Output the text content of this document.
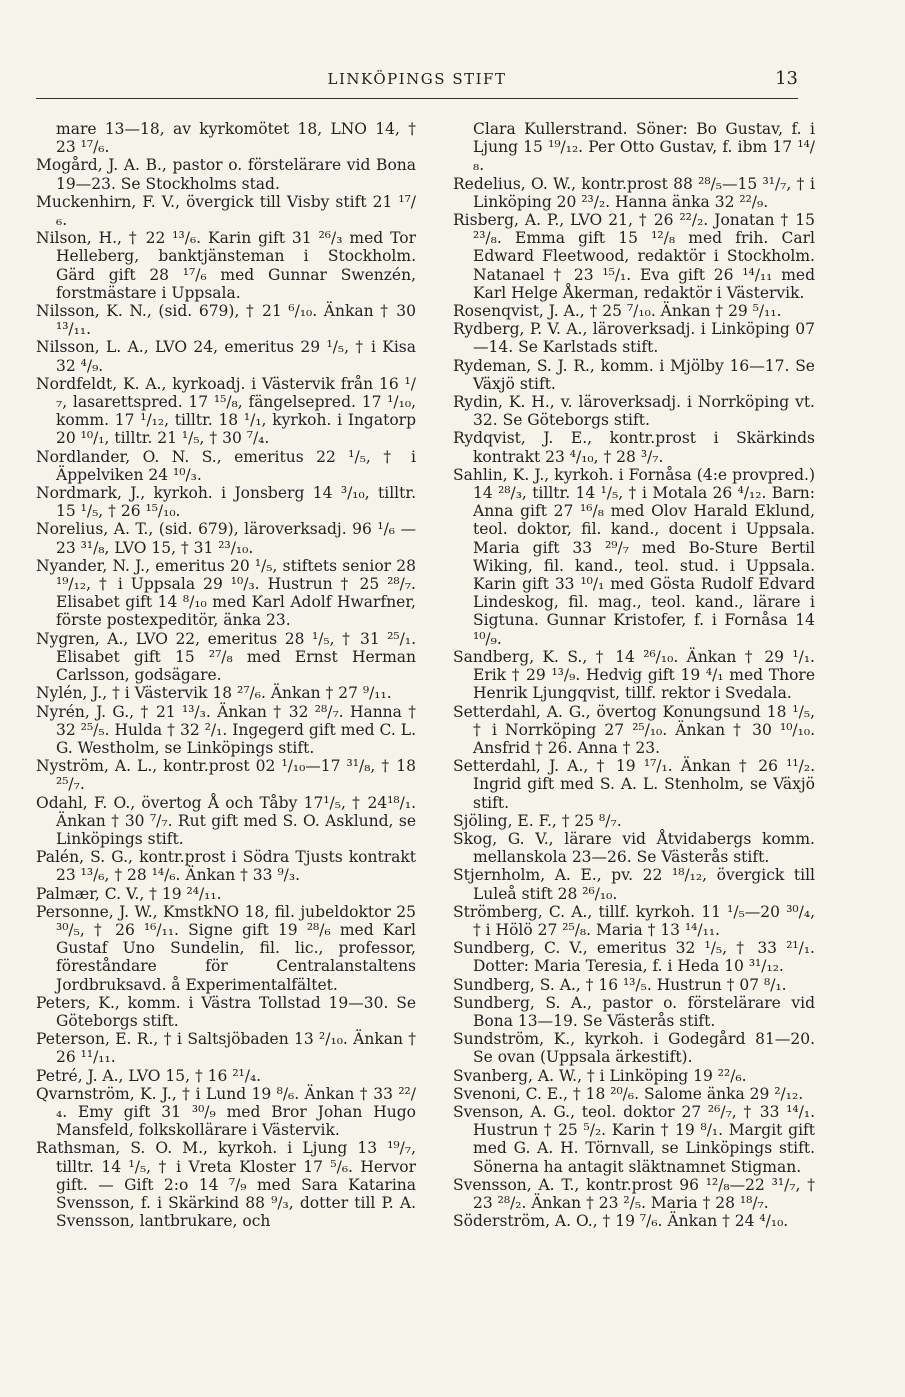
LINKÖPINGS STIFT	13

mare 13—18, av kyrkomötet 18, LNO 14, † 23 ¹⁷/₆.

Mogård, J. A. B., pastor o. förstelärare vid Bona 19—23. Se Stockholms stad.

Muckenhirn, F. V., övergick till Visby stift 21 ¹⁷/₆.

Nilson, H., † 22 ¹³/₆. Karin gift 31 ²⁶/₃ med Tor Helleberg, banktjänsteman i Stockholm. Gärd gift 28 ¹⁷/₆ med Gunnar Swenzén, forstmästare i Uppsala.

Nilsson, K. N., (sid. 679), † 21 ⁶/₁₀. Änkan † 30 ¹³/₁₁.

Nilsson, L. A., LVO 24, emeritus 29 ¹/₅, † i Kisa 32 ⁴/₉.

Nordfeldt, K. A., kyrkoadj. i Västervik från 16 ¹/₇, lasarettspred. 17 ¹⁵/₈, fängelsepred. 17 ¹/₁₀, komm. 17 ¹/₁₂, tilltr. 18 ¹/₁, kyrkoh. i Ingatorp 20 ¹⁰/₁, tilltr. 21 ¹/₅, † 30 ⁷/₄.

Nordlander, O. N. S., emeritus 22 ¹/₅, † i Äppelviken 24 ¹⁰/₃.

Nordmark, J., kyrkoh. i Jonsberg 14 ³/₁₀, tilltr. 15 ¹/₅, † 26 ¹⁵/₁₀.

Norelius, A. T., (sid. 679), läroverksadj. 96 ¹/₆ —23 ³¹/₈, LVO 15, † 31 ²³/₁₀.

Nyander, N. J., emeritus 20 ¹/₅, stiftets senior 28 ¹⁹/₁₂, † i Uppsala 29 ¹⁰/₃. Hustrun † 25 ²⁸/₇. Elisabet gift 14 ⁸/₁₀ med Karl Adolf Hwarfner, förste postexpeditör, änka 23.

Nygren, A., LVO 22, emeritus 28 ¹/₅, † 31 ²⁵/₁. Elisabet gift 15 ²⁷/₈ med Ernst Herman Carlsson, godsägare.

Nylén, J., † i Västervik 18 ²⁷/₆. Änkan † 27 ⁹/₁₁.

Nyrén, J. G., † 21 ¹³/₃. Änkan † 32 ²⁸/₇. Hanna † 32 ²⁵/₅. Hulda † 32 ²/₁. Ingegerd gift med C. L. G. Westholm, se Linköpings stift.

Nyström, A. L., kontr.prost 02 ¹/₁₀—17 ³¹/₈, † 18 ²⁵/₇.

Odahl, F. O., övertog Å och Tåby 17¹/₅, † 24¹⁸/₁. Änkan † 30 ⁷/₇. Rut gift med S. O. Asklund, se Linköpings stift.

Palén, S. G., kontr.prost i Södra Tjusts kontrakt 23 ¹³/₆, † 28 ¹⁴/₆. Änkan † 33 ⁹/₃.

Palmær, C. V., † 19 ²⁴/₁₁.

Personne, J. W., KmstkNO 18, fil. jubeldoktor 25 ³⁰/₅, † 26 ¹⁶/₁₁. Signe gift 19 ²⁸/₆ med Karl Gustaf Uno Sundelin, fil. lic., professor, föreståndare för Centralanstaltens Jordbruksavd. å Experimentalfältet.

Peters, K., komm. i Västra Tollstad 19—30. Se Göteborgs stift.

Peterson, E. R., † i Saltsjöbaden 13 ²/₁₀. Änkan † 26 ¹¹/₁₁.

Petré, J. A., LVO 15, † 16 ²¹/₄.

Qvarnström, K. J., † i Lund 19 ⁸/₆. Änkan † 33 ²²/₄. Emy gift 31 ³⁰/₉ med Bror Johan Hugo Mansfeld, folkskollärare i Västervik.

Rathsman, S. O. M., kyrkoh. i Ljung 13 ¹⁹/₇, tilltr. 14 ¹/₅, † i Vreta Kloster 17 ⁵/₆. Hervor gift. — Gift 2:o 14 ⁷/₉ med Sara Katarina Svensson, f. i Skärkind 88 ⁹/₃, dotter till P. A. Svensson, lantbrukare, och

Clara Kullerstrand. Söner: Bo Gustav, f. i Ljung 15 ¹⁹/₁₂. Per Otto Gustav, f. ibm 17 ¹⁴/₈.

Redelius, O. W., kontr.prost 88 ²⁸/₅—15 ³¹/₇, † i Linköping 20 ²³/₂. Hanna änka 32 ²²/₉.

Risberg, A. P., LVO 21, † 26 ²²/₂. Jonatan † 15 ²³/₈. Emma gift 15 ¹²/₈ med frih. Carl Edward Fleetwood, redaktör i Stockholm. Natanael † 23 ¹⁵/₁. Eva gift 26 ¹⁴/₁₁ med Karl Helge Åkerman, redaktör i Västervik.

Rosenqvist, J. A., † 25 ⁷/₁₀. Änkan † 29 ⁵/₁₁.

Rydberg, P. V. A., läroverksadj. i Linköping 07—14. Se Karlstads stift.

Rydeman, S. J. R., komm. i Mjölby 16—17. Se Växjö stift.

Rydin, K. H., v. läroverksadj. i Norrköping vt. 32. Se Göteborgs stift.

Rydqvist, J. E., kontr.prost i Skärkinds kontrakt 23 ⁴/₁₀, † 28 ³/₇.

Sahlin, K. J., kyrkoh. i Fornåsa (4:e provpred.) 14 ²⁸/₃, tilltr. 14 ¹/₅, † i Motala 26 ⁴/₁₂. Barn: Anna gift 27 ¹⁶/₈ med Olov Harald Eklund, teol. doktor, fil. kand., docent i Uppsala. Maria gift 33 ²⁹/₇ med Bo-Sture Bertil Wiking, fil. kand., teol. stud. i Uppsala. Karin gift 33 ¹⁰/₁ med Gösta Rudolf Edvard Lindeskog, fil. mag., teol. kand., lärare i Sigtuna. Gunnar Kristofer, f. i Fornåsa 14 ¹⁰/₉.

Sandberg, K. S., † 14 ²⁶/₁₀. Änkan † 29 ¹/₁. Erik † 29 ¹³/₉. Hedvig gift 19 ⁴/₁ med Thore Henrik Ljungqvist, tillf. rektor i Svedala.

Setterdahl, A. G., övertog Konungsund 18 ¹/₅, † i Norrköping 27 ²⁵/₁₀. Änkan † 30 ¹⁰/₁₀. Ansfrid † 26. Anna † 23.

Setterdahl, J. A., † 19 ¹⁷/₁. Änkan † 26 ¹¹/₂. Ingrid gift med S. A. L. Stenholm, se Växjö stift.

Sjöling, E. F., † 25 ⁸/₇.

Skog, G. V., lärare vid Åtvidabergs komm. mellanskola 23—26. Se Västerås stift.

Stjernholm, A. E., pv. 22 ¹⁸/₁₂, övergick till Luleå stift 28 ²⁶/₁₀.

Strömberg, C. A., tillf. kyrkoh. 11 ¹/₅—20 ³⁰/₄, † i Hölö 27 ²⁵/₈. Maria † 13 ¹⁴/₁₁.

Sundberg, C. V., emeritus 32 ¹/₅, † 33 ²¹/₁. Dotter: Maria Teresia, f. i Heda 10 ³¹/₁₂.

Sundberg, S. A., † 16 ¹³/₅. Hustrun † 07 ⁸/₁.

Sundberg, S. A., pastor o. förstelärare vid Bona 13—19. Se Västerås stift.

Sundström, K., kyrkoh. i Godegård 81—20. Se ovan (Uppsala ärkestift).

Svanberg, A. W., † i Linköping 19 ²²/₆.

Svenoni, C. E., † 18 ²⁰/₆. Salome änka 29 ²/₁₂.

Svenson, A. G., teol. doktor 27 ²⁶/₇, † 33 ¹⁴/₁. Hustrun † 25 ⁵/₂. Karin † 19 ⁸/₁. Margit gift med G. A. H. Törnvall, se Linköpings stift. Sönerna ha antagit släktnamnet Stigman.

Svensson, A. T., kontr.prost 96 ¹²/₈—22 ³¹/₇, † 23 ²⁸/₂. Änkan † 23 ²/₅. Maria † 28 ¹⁸/₇.

Söderström, A. O., † 19 ⁷/₆. Änkan † 24 ⁴/₁₀.
